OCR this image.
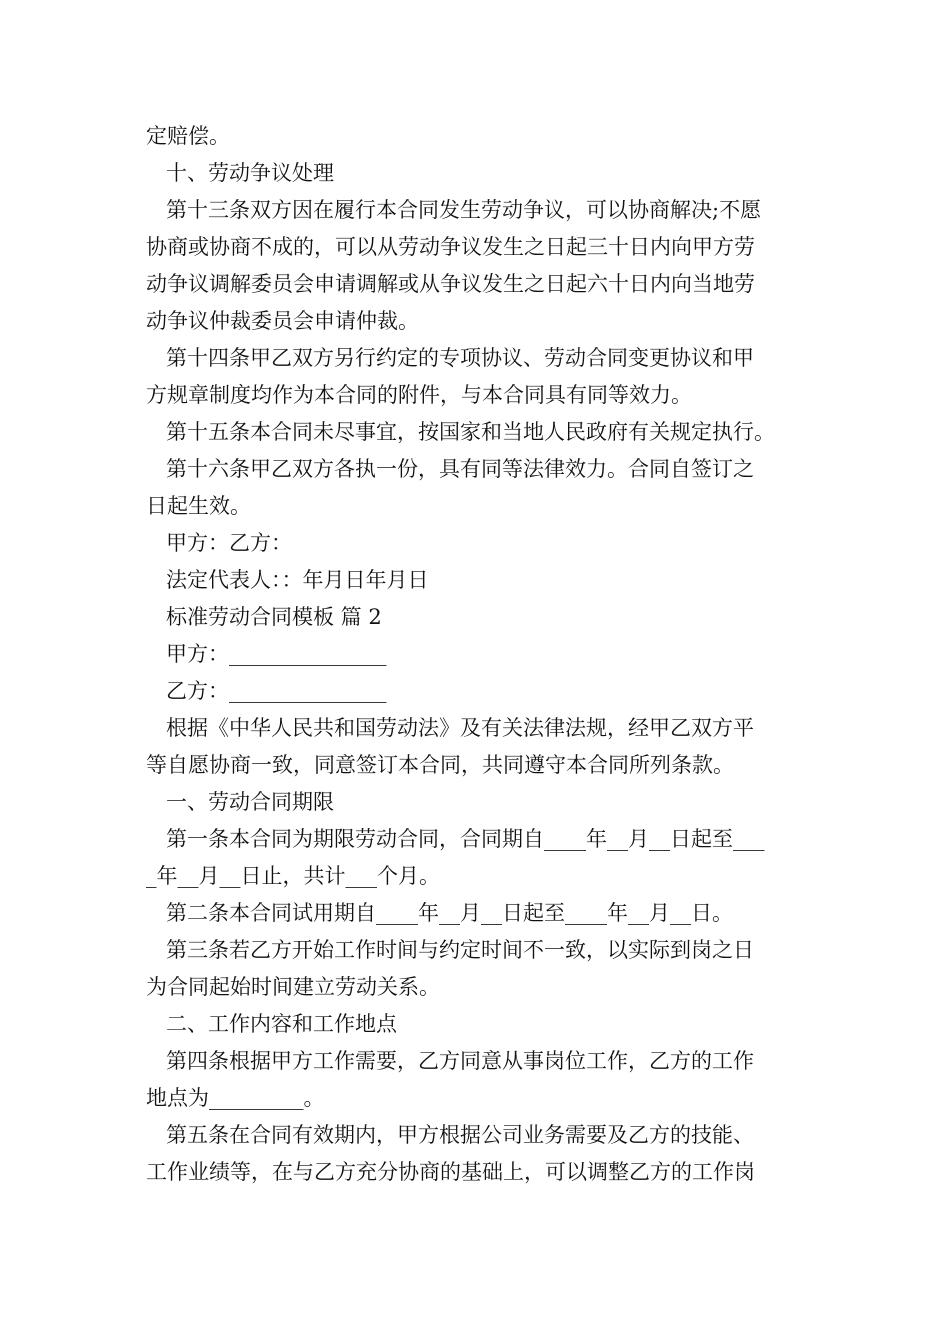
定赔偿。
十、劳动争议处理
第十三条双方因在履行本合同发生劳动争议，可以协商解决;不愿
协商或协商不成的，可以从劳动争议发生之日起三十日内向甲方劳
动争议调解委员会申请调解或从争议发生之日起六十日内向当地劳
动争议仲裁委员会申请仲裁。
第十四条甲乙双方另行约定的专项协议、劳动合同变更协议和甲
方规章制度均作为本合同的附件，与本合同具有同等效力。
第十五条本合同未尽事宜，按国家和当地人民政府有关规定执行。
第十六条甲乙双方各执一份，具有同等法律效力。合同自签订之
日起生效。
甲方：乙方：
法定代表人：：年月日年月日
标准劳动合同模板 篇 2
甲方：_______________
乙方：_______________
根据《中华人民共和国劳动法》及有关法律法规，经甲乙双方平
等自愿协商一致，同意签订本合同，共同遵守本合同所列条款。
一、劳动合同期限
第一条本合同为期限劳动合同，合同期自____年__月__日起至___
_年__月__日止，共计___个月。
第二条本合同试用期自____年__月__日起至____年__月__日。
第三条若乙方开始工作时间与约定时间不一致，以实际到岗之日
为合同起始时间建立劳动关系。
二、工作内容和工作地点
第四条根据甲方工作需要，乙方同意从事岗位工作，乙方的工作
地点为_________。
第五条在合同有效期内，甲方根据公司业务需要及乙方的技能、
工作业绩等，在与乙方充分协商的基础上，可以调整乙方的工作岗
